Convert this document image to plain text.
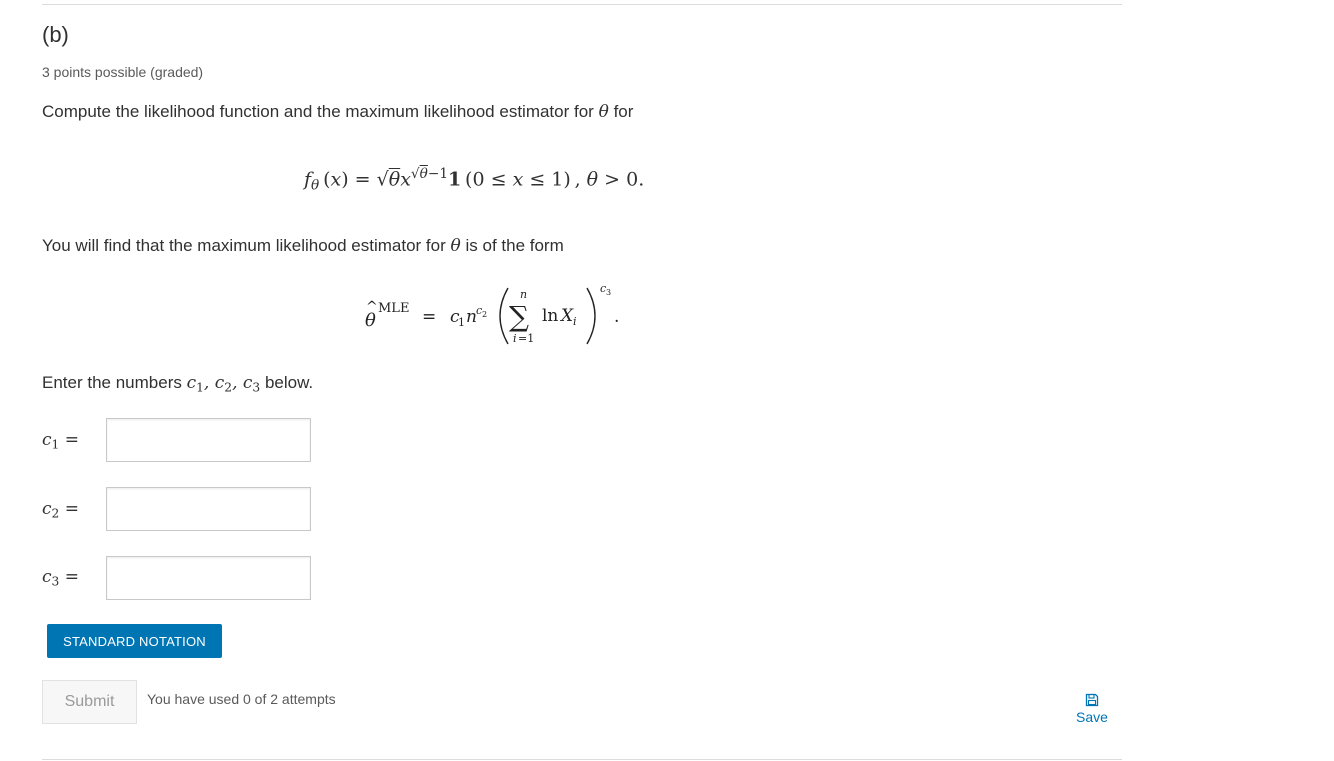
(b)
3 points possible (graded)
Compute the likelihood function and the maximum likelihood estimator for θ for
$f_\theta$ $(x) = √\theta x^{√\theta-1}1$ (0 ≤ x ≤ 1) , θ > 0.
You will find that the maximum likelihood estimator for θ is of the form
θ
^ MLE = c
1 n c 2
n
∑
i =1
ln X i
c 3
.
Enter the numbers $c_1$, $c_2$, $c_3$ below.
$c_1$ =
$c_2$ =
$c_3$ =
STANDARD NOTATION
Submit	You have used 0 of 2 attempts
Save
